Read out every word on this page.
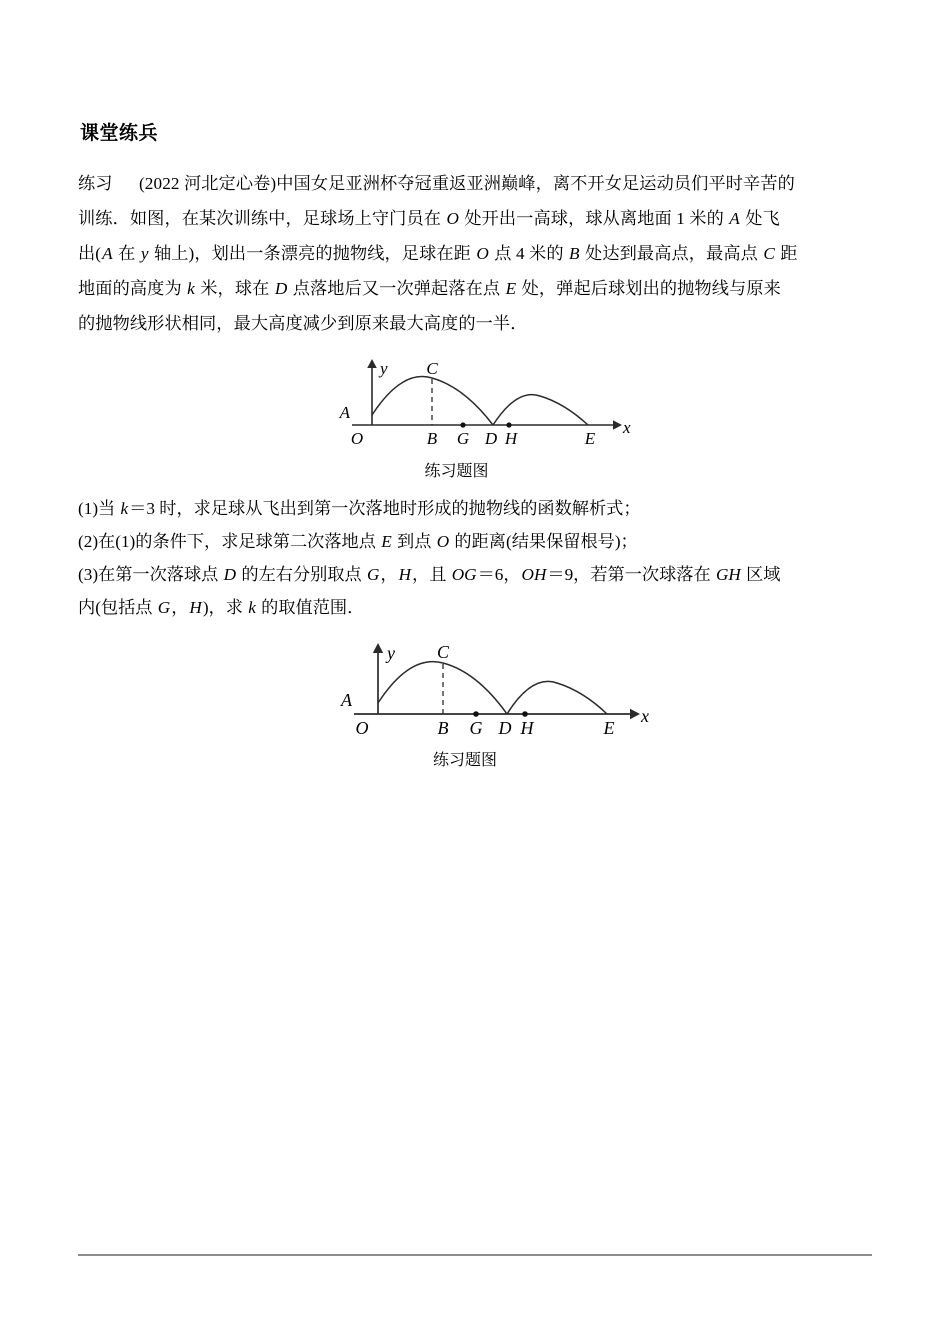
课堂练兵
练习 (2022 河北定心卷)中国女足亚洲杯夺冠重返亚洲巅峰，离不开女足运动员们平时辛苦的
训练．如图，在某次训练中，足球场上守门员在 O 处开出一高球，球从离地面 1 米的 A 处飞
出(A 在 y 轴上)，划出一条漂亮的抛物线，足球在距 O 点 4 米的 B 处达到最高点，最高点 C 距
地面的高度为 k 米，球在 D 点落地后又一次弹起落在点 E 处，弹起后球划出的抛物线与原来
的抛物线形状相同，最大高度减少到原来最大高度的一半．
y
x
A
O	B G D H	E
C
练习题图
(1)当 k＝3 时，求足球从飞出到第一次落地时形成的抛物线的函数解析式；
(2)在(1)的条件下，求足球第二次落地点 E 到点 O 的距离(结果保留根号)；
(3)在第一次落球点 D 的左右分别取点 G，H，且 OG＝6，OH＝9，若第一次球落在 GH 区域
内(包括点 G，H)，求 k 的取值范围．
y
x
A
O	B G D H	E
C
练习题图
